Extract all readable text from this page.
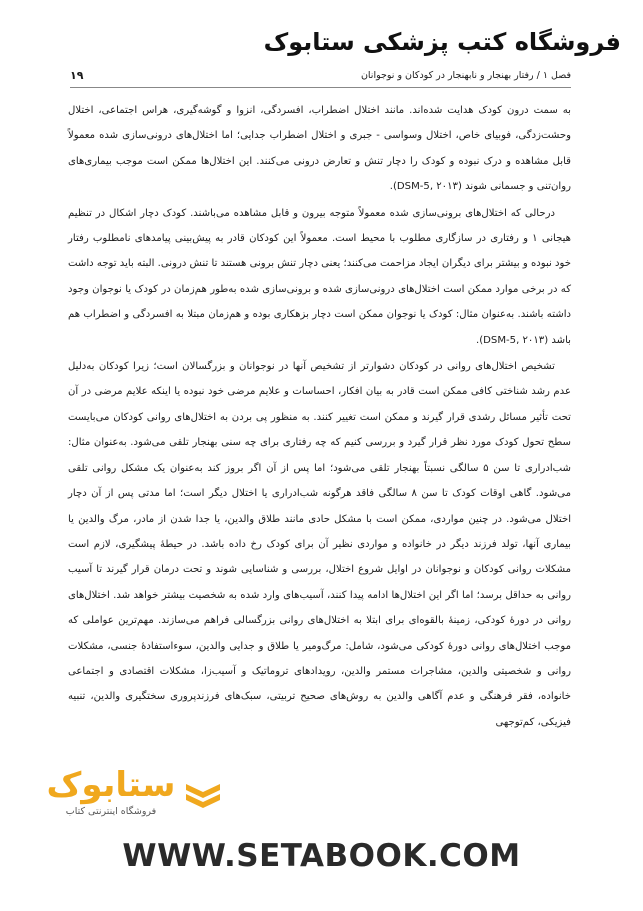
فروشگاه کتب پزشکی ستابوک
فصل ۱ / رفتار بهنجار و نابهنجار در کودکان و نوجوانان
۱۹

به سمت درون کودک هدایت شده‌اند. مانند اختلال اضطراب، افسردگی، انزوا و گوشه‌گیری، هراس اجتماعی، اختلال وحشت‌زدگی، فوبیای خاص، اختلال وسواسی - جبری و اختلال اضطراب جدایی؛ اما اختلال‌های درونی‌سازی شده معمولاً قابل مشاهده و درک نبوده و کودک را دچار تنش و تعارض درونی می‌کنند. این اختلال‌ها ممکن است موجب بیماری‌های روان‌تنی و جسمانی شوند (DSM-5, ۲۰۱۳).

درحالی که اختلال‌های برونی‌سازی شده معمولاً متوجه بیرون و قابل مشاهده می‌باشند. کودک دچار اشکال در تنظیم هیجانی ۱ و رفتاری در سازگاری مطلوب با محیط است. معمولاً این کودکان قادر به پیش‌بینی پیامدهای نامطلوب رفتار خود نبوده و بیشتر برای دیگران ایجاد مزاحمت می‌کنند؛ یعنی دچار تنش برونی هستند تا تنش درونی. البته باید توجه داشت که در برخی موارد ممکن است اختلال‌های درونی‌سازی شده و برونی‌سازی شده به‌طور هم‌زمان در کودک یا نوجوان وجود داشته باشند. به‌عنوان مثال: کودک یا نوجوان ممکن است دچار بزهکاری بوده و هم‌زمان مبتلا به افسردگی و اضطراب هم باشد (DSM-5, ۲۰۱۳).

تشخیص اختلال‌های روانی در کودکان دشوارتر از تشخیص آنها در نوجوانان و بزرگسالان است؛ زیرا کودکان به‌دلیل عدم رشد شناختی کافی ممکن است قادر به بیان افکار، احساسات و علایم مرضی خود نبوده یا اینکه علایم مرضی در آن تحت تأثیر مسائل رشدی قرار گیرند و ممکن است تغییر کنند. به منظور پی بردن به اختلال‌های روانی کودکان می‌بایست سطح تحول کودک مورد نظر قرار گیرد و بررسی کنیم که چه رفتاری برای چه سنی بهنجار تلقی می‌شود. به‌عنوان مثال: شب‌ادراری تا سن ۵ سالگی نسبتاً بهنجار تلقی می‌شود؛ اما پس از آن اگر بروز کند به‌عنوان یک مشکل روانی تلقی می‌شود. گاهی اوقات کودک تا سن ۸ سالگی فاقد هرگونه شب‌ادراری یا اختلال دیگر است؛ اما مدتی پس از آن دچار اختلال می‌شود. در چنین مواردی، ممکن است با مشکل حادی مانند طلاق والدین، یا جدا شدن از مادر، مرگ والدین یا بیماری آنها، تولد فرزند دیگر در خانواده و مواردی نظیر آن برای کودک رخ داده باشد. در حیطهٔ پیشگیری، لازم است مشکلات روانی کودکان و نوجوانان در اوایل شروع اختلال، بررسی و شناسایی شوند و تحت درمان قرار گیرند تا آسیب روانی به حداقل برسد؛ اما اگر این اختلال‌ها ادامه پیدا کنند، آسیب‌های وارد شده به شخصیت بیشتر خواهد شد. اختلال‌های روانی در دورهٔ کودکی، زمینهٔ بالقوه‌ای برای ابتلا به اختلال‌های روانی بزرگسالی فراهم می‌سازند. مهم‌ترین عواملی که موجب اختلال‌های روانی دورهٔ کودکی می‌شود، شامل: مرگ‌ومیر یا طلاق و جدایی والدین، سوءاستفادهٔ جنسی، مشکلات روانی و شخصیتی والدین، مشاجرات مستمر والدین، رویدادهای تروماتیک و آسیب‌زا، مشکلات اقتصادی و اجتماعی خانواده، فقر فرهنگی و عدم آگاهی والدین به روش‌های صحیح تربیتی، سبک‌های فرزندپروری سختگیری والدین، تنبیه فیزیکی، کم‌توجهی

ستابوک
فروشگاه اینترنتی کتاب
WWW.SETABOOK.COM
